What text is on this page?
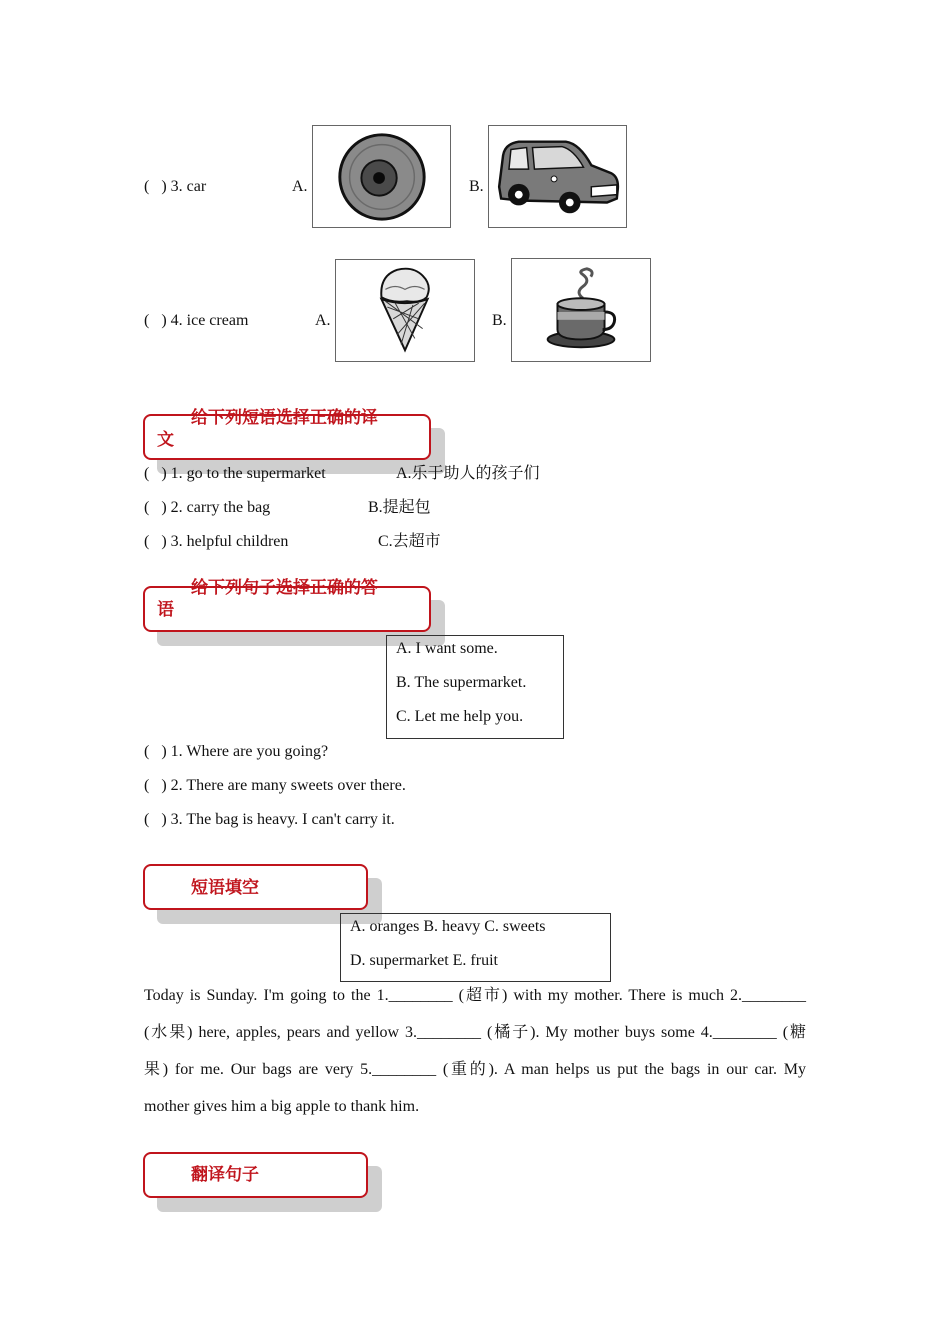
( ) 3. car	A.	B.
( ) 4. ice cream	A.	B.
给下列短语选择正确的译
文
( ) 1. go to the supermarket	A.乐于助人的孩子们
( ) 2. carry the bag	B.提起包
( ) 3. helpful children	C.去超市
给下列句子选择正确的答
语
A. I want some.
B. The supermarket.
C. Let me help you.
( ) 1. Where are you going?
( ) 2. There are many sweets over there.
( ) 3. The bag is heavy. I can't carry it.
短语填空
A. oranges B. heavy C. sweets
D. supermarket E. fruit
Today is Sunday. I'm going to the 1.________ (超市) with my mother. There is much 2.________
(水果) here, apples, pears and yellow 3.________ (橘子). My mother buys some 4.________ (糖
果) for me. Our bags are very 5.________ (重的). A man helps us put the bags in our car. My
mother gives him a big apple to thank him.
翻译句子
